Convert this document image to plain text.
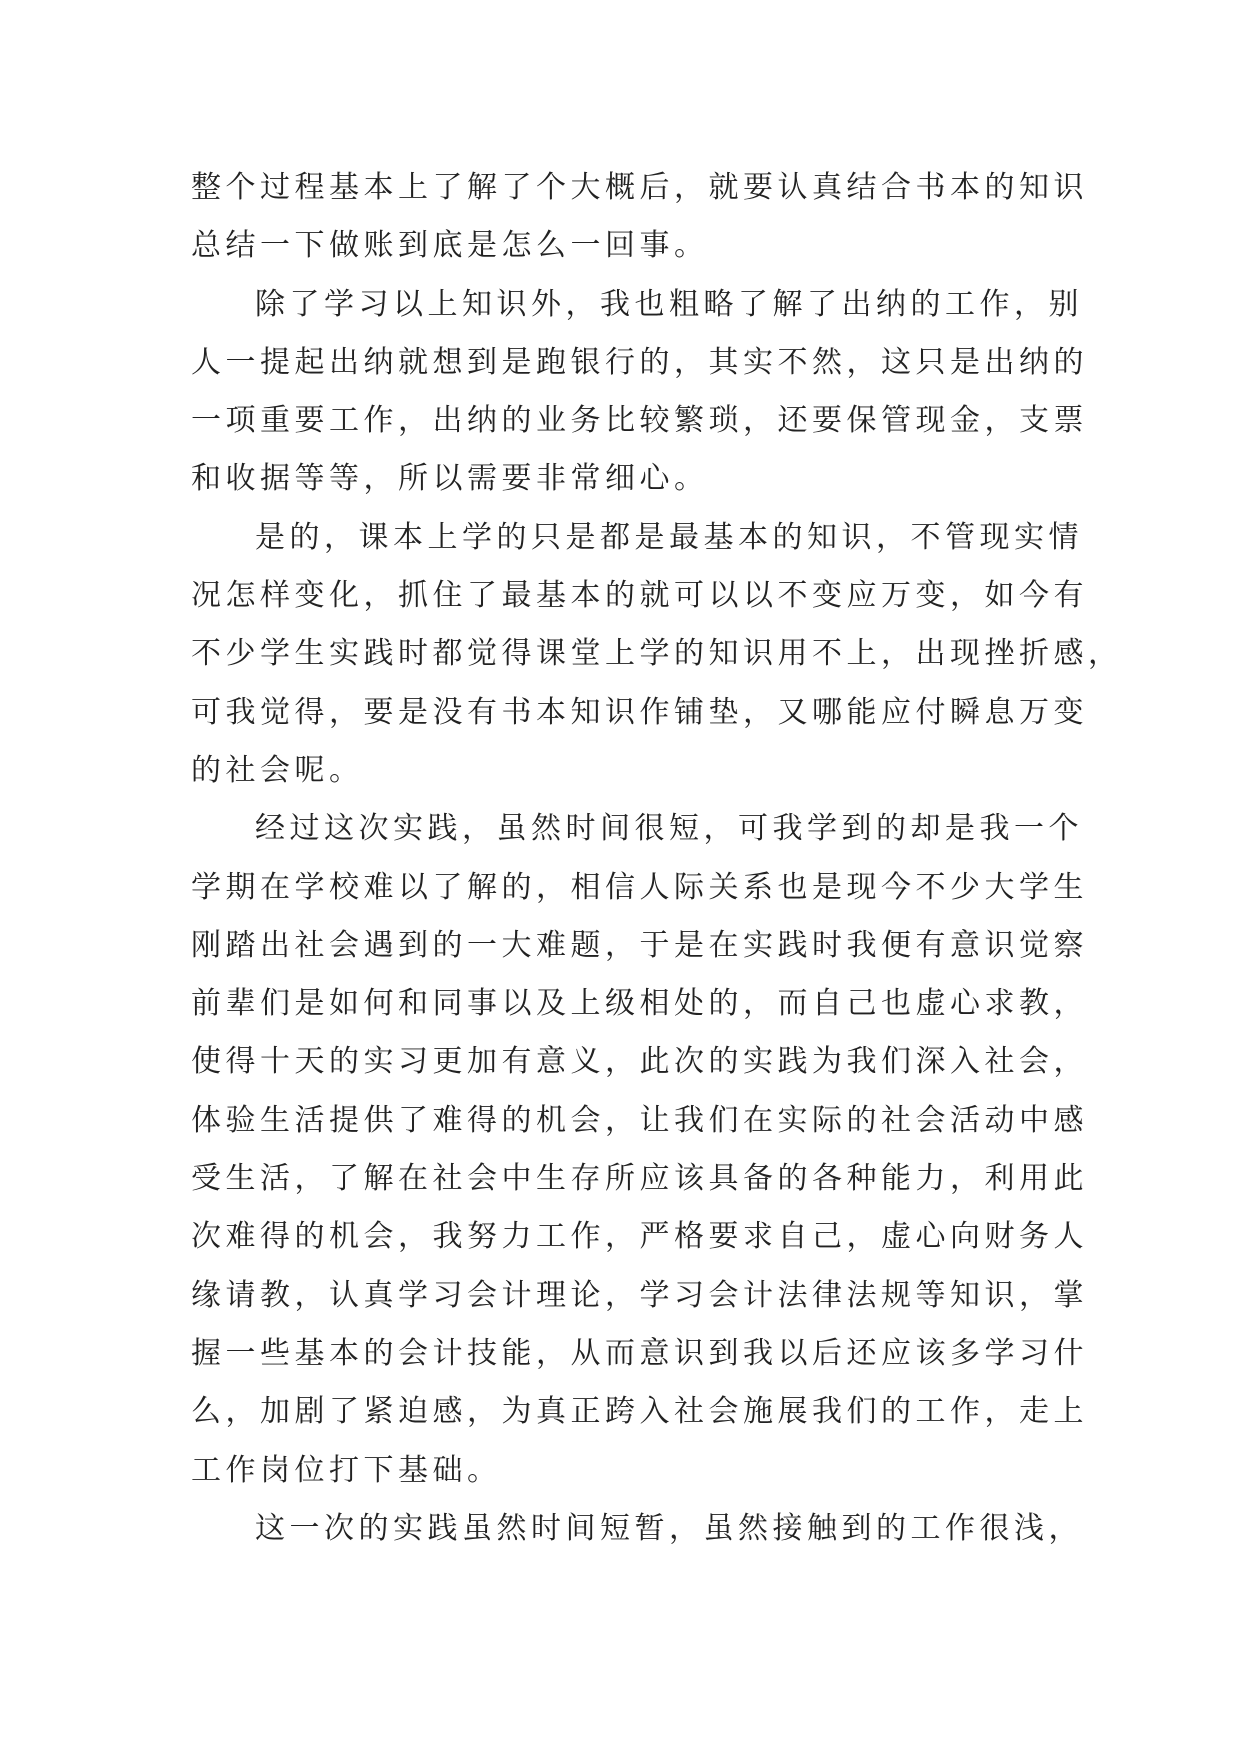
整个过程基本上了解了个大概后，就要认真结合书本的知识
总结一下做账到底是怎么一回事。
除了学习以上知识外，我也粗略了解了出纳的工作，别
人一提起出纳就想到是跑银行的，其实不然，这只是出纳的
一项重要工作，出纳的业务比较繁琐，还要保管现金，支票
和收据等等，所以需要非常细心。
是的，课本上学的只是都是最基本的知识，不管现实情
况怎样变化，抓住了最基本的就可以以不变应万变，如今有
不少学生实践时都觉得课堂上学的知识用不上，出现挫折感，
可我觉得，要是没有书本知识作铺垫，又哪能应付瞬息万变
的社会呢。
经过这次实践，虽然时间很短，可我学到的却是我一个
学期在学校难以了解的，相信人际关系也是现今不少大学生
刚踏出社会遇到的一大难题，于是在实践时我便有意识觉察
前辈们是如何和同事以及上级相处的，而自己也虚心求教，
使得十天的实习更加有意义，此次的实践为我们深入社会，
体验生活提供了难得的机会，让我们在实际的社会活动中感
受生活，了解在社会中生存所应该具备的各种能力，利用此
次难得的机会，我努力工作，严格要求自己，虚心向财务人
缘请教，认真学习会计理论，学习会计法律法规等知识，掌
握一些基本的会计技能，从而意识到我以后还应该多学习什
么，加剧了紧迫感，为真正跨入社会施展我们的工作，走上
工作岗位打下基础。
这一次的实践虽然时间短暂，虽然接触到的工作很浅，
